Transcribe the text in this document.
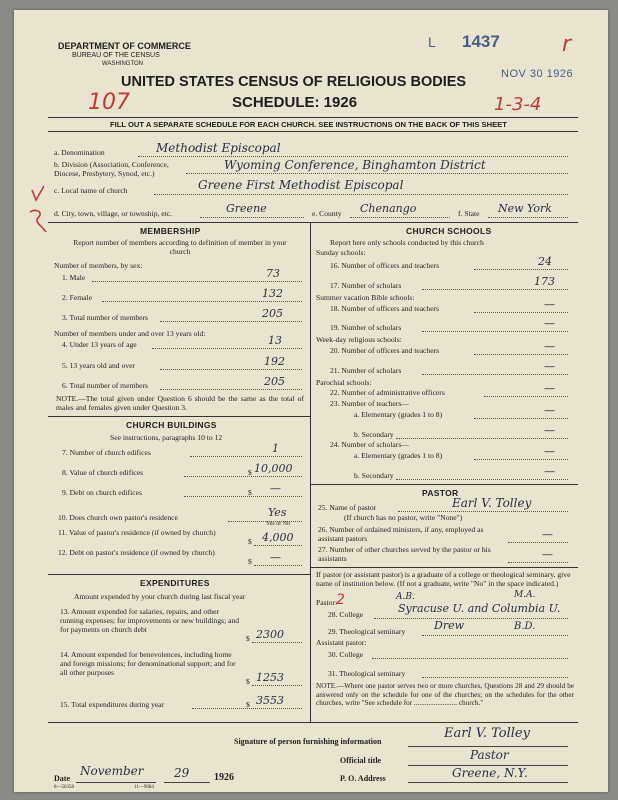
DEPARTMENT OF COMMERCE
BUREAU OF THE CENSUS
WASHINGTON
L 1437	r
NOV 30 1926
UNITED STATES CENSUS OF RELIGIOUS BODIES
SCHEDULE: 1926
107	1-3-4
FILL OUT A SEPARATE SCHEDULE FOR EACH CHURCH. SEE INSTRUCTIONS ON THE BACK OF THIS SHEET
a. Denomination	Methodist Episcopal
b. Division (Association, Conference, Diocese, Presbytery, Synod, etc.)
Wyoming Conference, Binghamton District
c. Local name of church	Greene First Methodist Episcopal
d. City, town, village, or township, etc.	Greene	e. County Chenango	f. State New York
MEMBERSHIP
Report number of members according to definition of member in your church
Number of members, by sex:
1. Male	73
2. Female	132
3. Total number of members	205
Number of members under and over 13 years old:
4. Under 13 years of age	13
5. 13 years old and over	192
6. Total number of members	205
NOTE.—The total given under Question 6 should be the same as the total of males and females given under Question 3.
CHURCH BUILDINGS
See instructions, paragraphs 10 to 12
7. Number of church edifices	1
8. Value of church edifices	$ 10,000
9. Debt on church edifices	$ —
10. Does church own pastor's residence	Yes
Yes or No
11. Value of pastor's residence (if owned by church)
$ 4,000
12. Debt on pastor's residence (if owned by church)
$ —
EXPENDITURES
Amount expended by your church during last fiscal year
13. Amount expended for salaries, repairs, and other running expenses; for improvements or new buildings; and for payments on church debt
$ 2300
14. Amount expended for benevolences, including home and foreign missions; for denominational support; and for all other purposes
$ 1253
15. Total expenditures during year	$ 3553
CHURCH SCHOOLS
Report here only schools conducted by this church
Sunday schools:
16. Number of officers and teachers	24
17. Number of scholars	173
Summer vacation Bible schools:
18. Number of officers and teachers	—
19. Number of scholars	—
Week-day religious schools:
20. Number of officers and teachers	—
21. Number of scholars	—
Parochial schools:
22. Number of administrative officers	—
23. Number of teachers—
a. Elementary (grades 1 to 8)	—
b. Secondary	—
24. Number of scholars—
a. Elementary (grades 1 to 8)	—
b. Secondary	—
PASTOR
25. Name of pastor	Earl V. Tolley
(If church has no pastor, write "None")
26. Number of ordained ministers, if any, employed as assistant pastors	—
27. Number of other churches served by the pastor or his assistants	—
If pastor (or assistant pastor) is a graduate of a college or theological seminary, give name of institution below. (If not a graduate, write "No" in the space indicated.)
Pastor:
2	A.B.	M.A.
28. College	Syracuse U. and Columbia U.
29. Theological seminary	Drew	B.D.
Assistant pastor:
30. College
31. Theological seminary
NOTE.—Where one pastor serves two or more churches, Questions 28 and 29 should be answered only on the schedule for one of the churches; on the schedules for the other churches, write "See schedule for ........................ church."
Signature of person furnishing information
Earl V. Tolley
Official title	Pastor
Date
November	29 1926
8—56358	11—9684
P. O. Address	Greene, N.Y.
